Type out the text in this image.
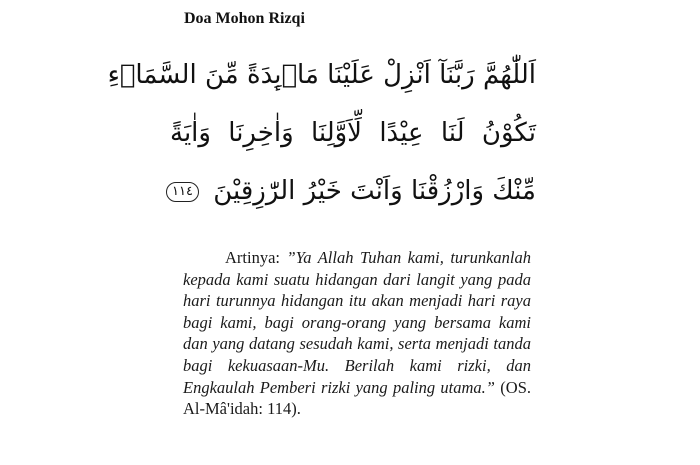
Doa Mohon Rizqi
اَللّٰهُمَّ رَبَّنَآ اَنْزِلْ عَلَيْنَا مَاۤىِٕدَةً مِّنَ السَّمَاۤءِ
تَكُوْنُ لَنَا عِيْدًا لِّاَوَّلِنَا وَاٰخِرِنَا وَاٰيَةً
مِّنْكَ وَارْزُقْنَا وَاَنْتَ خَيْرُ الرّٰزِقِيْنَ ١١٤
Artinya: ”Ya Allah Tuhan kami, turunkanlah kepada kami suatu hidangan dari langit yang pada hari turunnya hidangan itu akan menjadi hari raya bagi kami, bagi orang-orang yang bersama kami dan yang datang sesudah kami, serta menjadi tanda bagi kekuasaan-Mu. Berilah kami rizki, dan Engkaulah Pemberi rizki yang paling utama.” (OS. Al-Mâ'idah: 114).
